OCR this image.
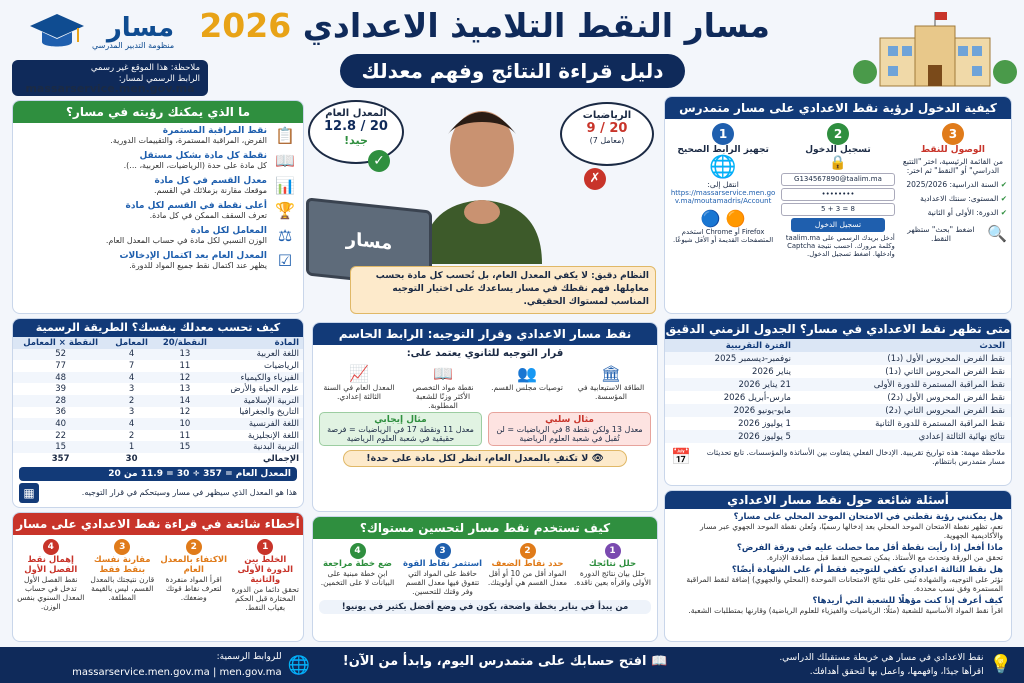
مسار
منظومة التدبير المدرسي
ملاحظة: هذا الموقع غير رسمي
الرابط الرسمي لمسار:
massarservice.men.gov.ma
مسار النقط التلاميذ الاعدادي 2026
دليل قراءة النتائج وفهم معدلك
ما الذي يمكنك رؤيته في مسار؟
📋
نقط المراقبة المستمرة
الفرض، المراقبة المستمرة، والتقييمات الدورية.
📖
نقطة كل مادة بشكل مستقل
كل مادة على حدة (الرياضيات، العربية، ...).
📊
معدل القسم في كل مادة
موقعك مقارنة بزملائك في القسم.
🏆
أعلى نقطة في القسم لكل مادة
تعرف السقف الممكن في كل مادة.
⚖
المعامل لكل مادة
الوزن النسبي لكل مادة في حساب المعدل العام.
☑
المعدل العام بعد اكتمال الإدخالات
يظهر عند اكتمال نقط جميع المواد للدورة.
كيف تحسب معدلك بنفسك؟ الطريقة الرسمية
المادة	النقطة/20	المعامل	النقطة × المعامل
اللغة العربية	13	4	52
الرياضيات	11	7	77
الفيزياء والكيمياء	12	4	48
علوم الحياة والأرض	13	3	39
التربية الإسلامية	14	2	28
التاريخ والجغرافيا	12	3	36
اللغة الفرنسية	10	4	40
اللغة الإنجليزية	11	2	22
التربية البدنية	15	1	15
الإجمالي		30	357
المعدل العام = 357 ÷ 30 = 11.9 من 20
هذا هو المعدل الذي سيظهر في مسار وسيتحكم في قرار التوجيه.
▦
أخطاء شائعة في قراءة نقط الاعدادي على مسار
1
الخلط بين الدورة الأولى والثانية
تحقق دائما من الدورة المختارة قبل الحكم بغياب النقط.
2
الاكتفاء بالمعدل العام
اقرأ المواد منفردة لتعرف نقاط قوتك وضعفك.
3
مقارنة نفسك بنقط فقط
قارن نتيجتك بالمعدل القسم، ليس بالقيمة المطلقة.
4
إهمال نقط الفصل الأول
نقط الفصل الأول تدخل في حساب المعدل السنوي بنفس الوزن.
المعدل العام
12.8 / 20
جيد!
✓
الرياضيات
9 / 20
(معامل 7)
✗
مسار
النظام دقيق: لا يكفي المعدل العام، بل تُحسب كل مادة بحسب معامِلها. فهم نقطك في مسار يساعدك على اختيار التوجيه المناسب لمستواك الحقيقي.
نقط مسار الاعدادي وقرار التوجيه: الرابط الحاسم
قرار التوجيه للثانوي يعتمد على:
🏛
الطاقة الاستيعابية في المؤسسة.
👥
توصيات مجلس القسم.
📖
نقطة مواد التخصص الأكثر وزنًا للشعبة المطلوبة.
📈
المعدل العام في السنة الثالثة إعدادي.
مثال سلبي
معدل 13 ولكن نقطة 8 في الرياضيات = لن تُقبل في شعبة العلوم الرياضية
مثال إيجابي
معدل 11 ونقطة 17 في الرياضيات = فرصة حقيقية في شعبة العلوم الرياضية
👁 لا تكتفِ بالمعدل العام، انظر لكل مادة على حدة!
كيف تستخدم نقط مسار لتحسين مستواك؟
1
حلل نتائجك
حلل بيان نتائج الدورة الأولى واقرأه بعين ناقدة.
2
حدد نقاط الضعف
المواد أقل من 10 أو أقل معدل القسم هي أولويتك.
3
استثمر نقاط القوة
حافظ على المواد التي تتفوق فيها معدل القسم وفر وقتك للتحسين.
4
ضع خطة مراجعة
ابنِ خطة مبنية على البيانات لا على التخمين.
من يبدأ في يناير بخطة واضحة، يكون في وضع أفضل بكثير في يونيو!
كيفية الدخول لرؤية نقط الاعدادي على مسار متمدرس
3
الوصول للنقط
من القائمة الرئيسية، اختر "التتبع الدراسي" أو "النقط" ثم اختر:
✔ السنة الدراسية: 2025/2026
✔ المستوى: سنتك الاعدادية
✔ الدورة: الأولى أو الثانية
🔍
اضغط "بحث" ستظهر النقط.
2
تسجيل الدخول
🔒
G134567890@taalim.ma
••••••••
5 + 3 = 8
تسجيل الدخول
أدخل بريدك الرسمي على taalim.ma وكلمة مرورك. احسب نتيجة Captcha وادخلها. اضغط تسجيل الدخول.
1
تجهيز الرابط الصحيح
🌐
انتقل إلى:
https://massarservice.men.gov.ma/moutamadris/Account
🟠 🔵
Firefox أو Chrome استخدم المتصفحات القديمة أو الأقل شيوعًا.
متى تظهر نقط الاعدادي في مسار؟ الجدول الزمني الدقيق
الحدث	الفترة التقريبية
نقط الفرض المحروس الأول (د1)	نوفمبر-ديسمبر 2025
نقط الفرض المحروس الثاني (د1)	يناير 2026
نقط المراقبة المستمرة للدورة الأولى	21 يناير 2026
نقط الفرض المحروس الأول (د2)	مارس-أبريل 2026
نقط الفرض المحروس الثاني (د2)	مايو-يونيو 2026
نقط المراقبة المستمرة للدورة الثانية	1 يوليوز 2026
نتائج نهائية الثالثة إعدادي	5 يوليوز 2026
ملاحظة مهمة: هذه تواريخ تقريبية. الإدخال الفعلي يتفاوت بين الأساتذة والمؤسسات. تابع تحديثات مسار متمدرس بانتظام.
📅
أسئلة شائعة حول نقط مسار الاعدادي
هل يمكنني رؤية نقطتي في الامتحان الموحد المحلي على مسار؟
نعم، تظهر نقطة الامتحان الموحد المحلي بعد إدخالها رسميًا، وتُعلن نقطة الموحد الجهوي عبر مسار والأكاديمية الجهوية.
ماذا أفعل إذا رأيت نقطة أقل مما حصلت عليه في ورقة الفرض؟
تحقق من الورقة وتحدث مع الأستاذ. يمكن تصحيح النقط قبل مصادقة الإدارة.
هل نقط الثالثة اعدادي تكفي للتوجيه فقط أم على الشهادة أيضًا؟
تؤثر على التوجيه، والشهادة تُبنى على نتائج الامتحانات الموحدة (المحلي والجهوي) إضافة لنقط المراقبة المستمرة وفق نسب محددة.
كيف أعرف إذا كنت مؤهلًا للشعبة التي أريدها؟
اقرأ نقط المواد الأساسية للشعبة (مثلًا: الرياضيات والفيزياء للعلوم الرياضية) وقارنها بمتطلبات الشعبة.
💡
نقط الاعدادي في مسار هي خريطة مستقبلك الدراسي.
اقرأها جيدًا، وافهمها، واعمل بها لتحقق أهدافك.
📖 افتح حسابك على متمدرس اليوم، وابدأ من الآن!
🌐
للروابط الرسمية:
massarservice.men.gov.ma | men.gov.ma
